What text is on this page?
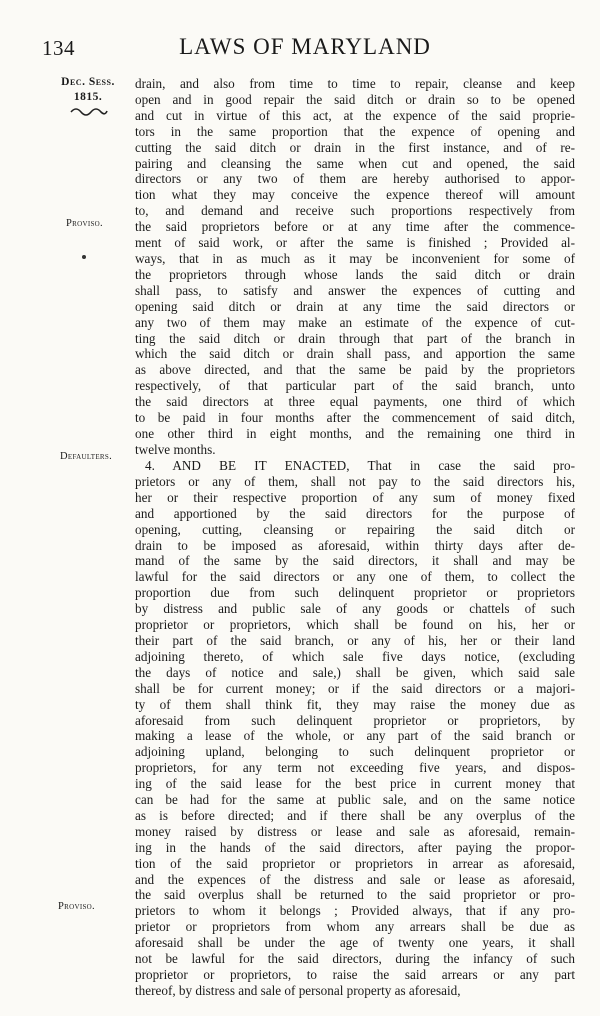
134	LAWS OF MARYLAND
Dec. Sess.
1815.
Proviso.
Defaulters.
Proviso.
drain, and also from time to time to repair, cleanse and keep
open and in good repair the said ditch or drain so to be opened
and cut in virtue of this act, at the expence of the said proprie-
tors in the same proportion that the expence of opening and
cutting the said ditch or drain in the first instance, and of re-
pairing and cleansing the same when cut and opened, the said
directors or any two of them are hereby authorised to appor-
tion what they may conceive the expence thereof will amount
to, and demand and receive such proportions respectively from
the said proprietors before or at any time after the commence-
ment of said work, or after the same is finished ; Provided al-
ways, that in as much as it may be inconvenient for some of
the proprietors through whose lands the said ditch or drain
shall pass, to satisfy and answer the expences of cutting and
opening said ditch or drain at any time the said directors or
any two of them may make an estimate of the expence of cut-
ting the said ditch or drain through that part of the branch in
which the said ditch or drain shall pass, and apportion the same
as above directed, and that the same be paid by the proprietors
respectively, of that particular part of the said branch, unto
the said directors at three equal payments, one third of which
to be paid in four months after the commencement of said ditch,
one other third in eight months, and the remaining one third in
twelve months.
4. AND BE IT ENACTED, That in case the said pro-
prietors or any of them, shall not pay to the said directors his,
her or their respective proportion of any sum of money fixed
and apportioned by the said directors for the purpose of
opening, cutting, cleansing or repairing the said ditch or
drain to be imposed as aforesaid, within thirty days after de-
mand of the same by the said directors, it shall and may be
lawful for the said directors or any one of them, to collect the
proportion due from such delinquent proprietor or proprietors
by distress and public sale of any goods or chattels of such
proprietor or proprietors, which shall be found on his, her or
their part of the said branch, or any of his, her or their land
adjoining thereto, of which sale five days notice, (excluding
the days of notice and sale,) shall be given, which said sale
shall be for current money; or if the said directors or a majori-
ty of them shall think fit, they may raise the money due as
aforesaid from such delinquent proprietor or proprietors, by
making a lease of the whole, or any part of the said branch or
adjoining upland, belonging to such delinquent proprietor or
proprietors, for any term not exceeding five years, and dispos-
ing of the said lease for the best price in current money that
can be had for the same at public sale, and on the same notice
as is before directed; and if there shall be any overplus of the
money raised by distress or lease and sale as aforesaid, remain-
ing in the hands of the said directors, after paying the propor-
tion of the said proprietor or proprietors in arrear as aforesaid,
and the expences of the distress and sale or lease as aforesaid,
the said overplus shall be returned to the said proprietor or pro-
prietors to whom it belongs ; Provided always, that if any pro-
prietor or proprietors from whom any arrears shall be due as
aforesaid shall be under the age of twenty one years, it shall
not be lawful for the said directors, during the infancy of such
proprietor or proprietors, to raise the said arrears or any part
thereof, by distress and sale of personal property as aforesaid,
